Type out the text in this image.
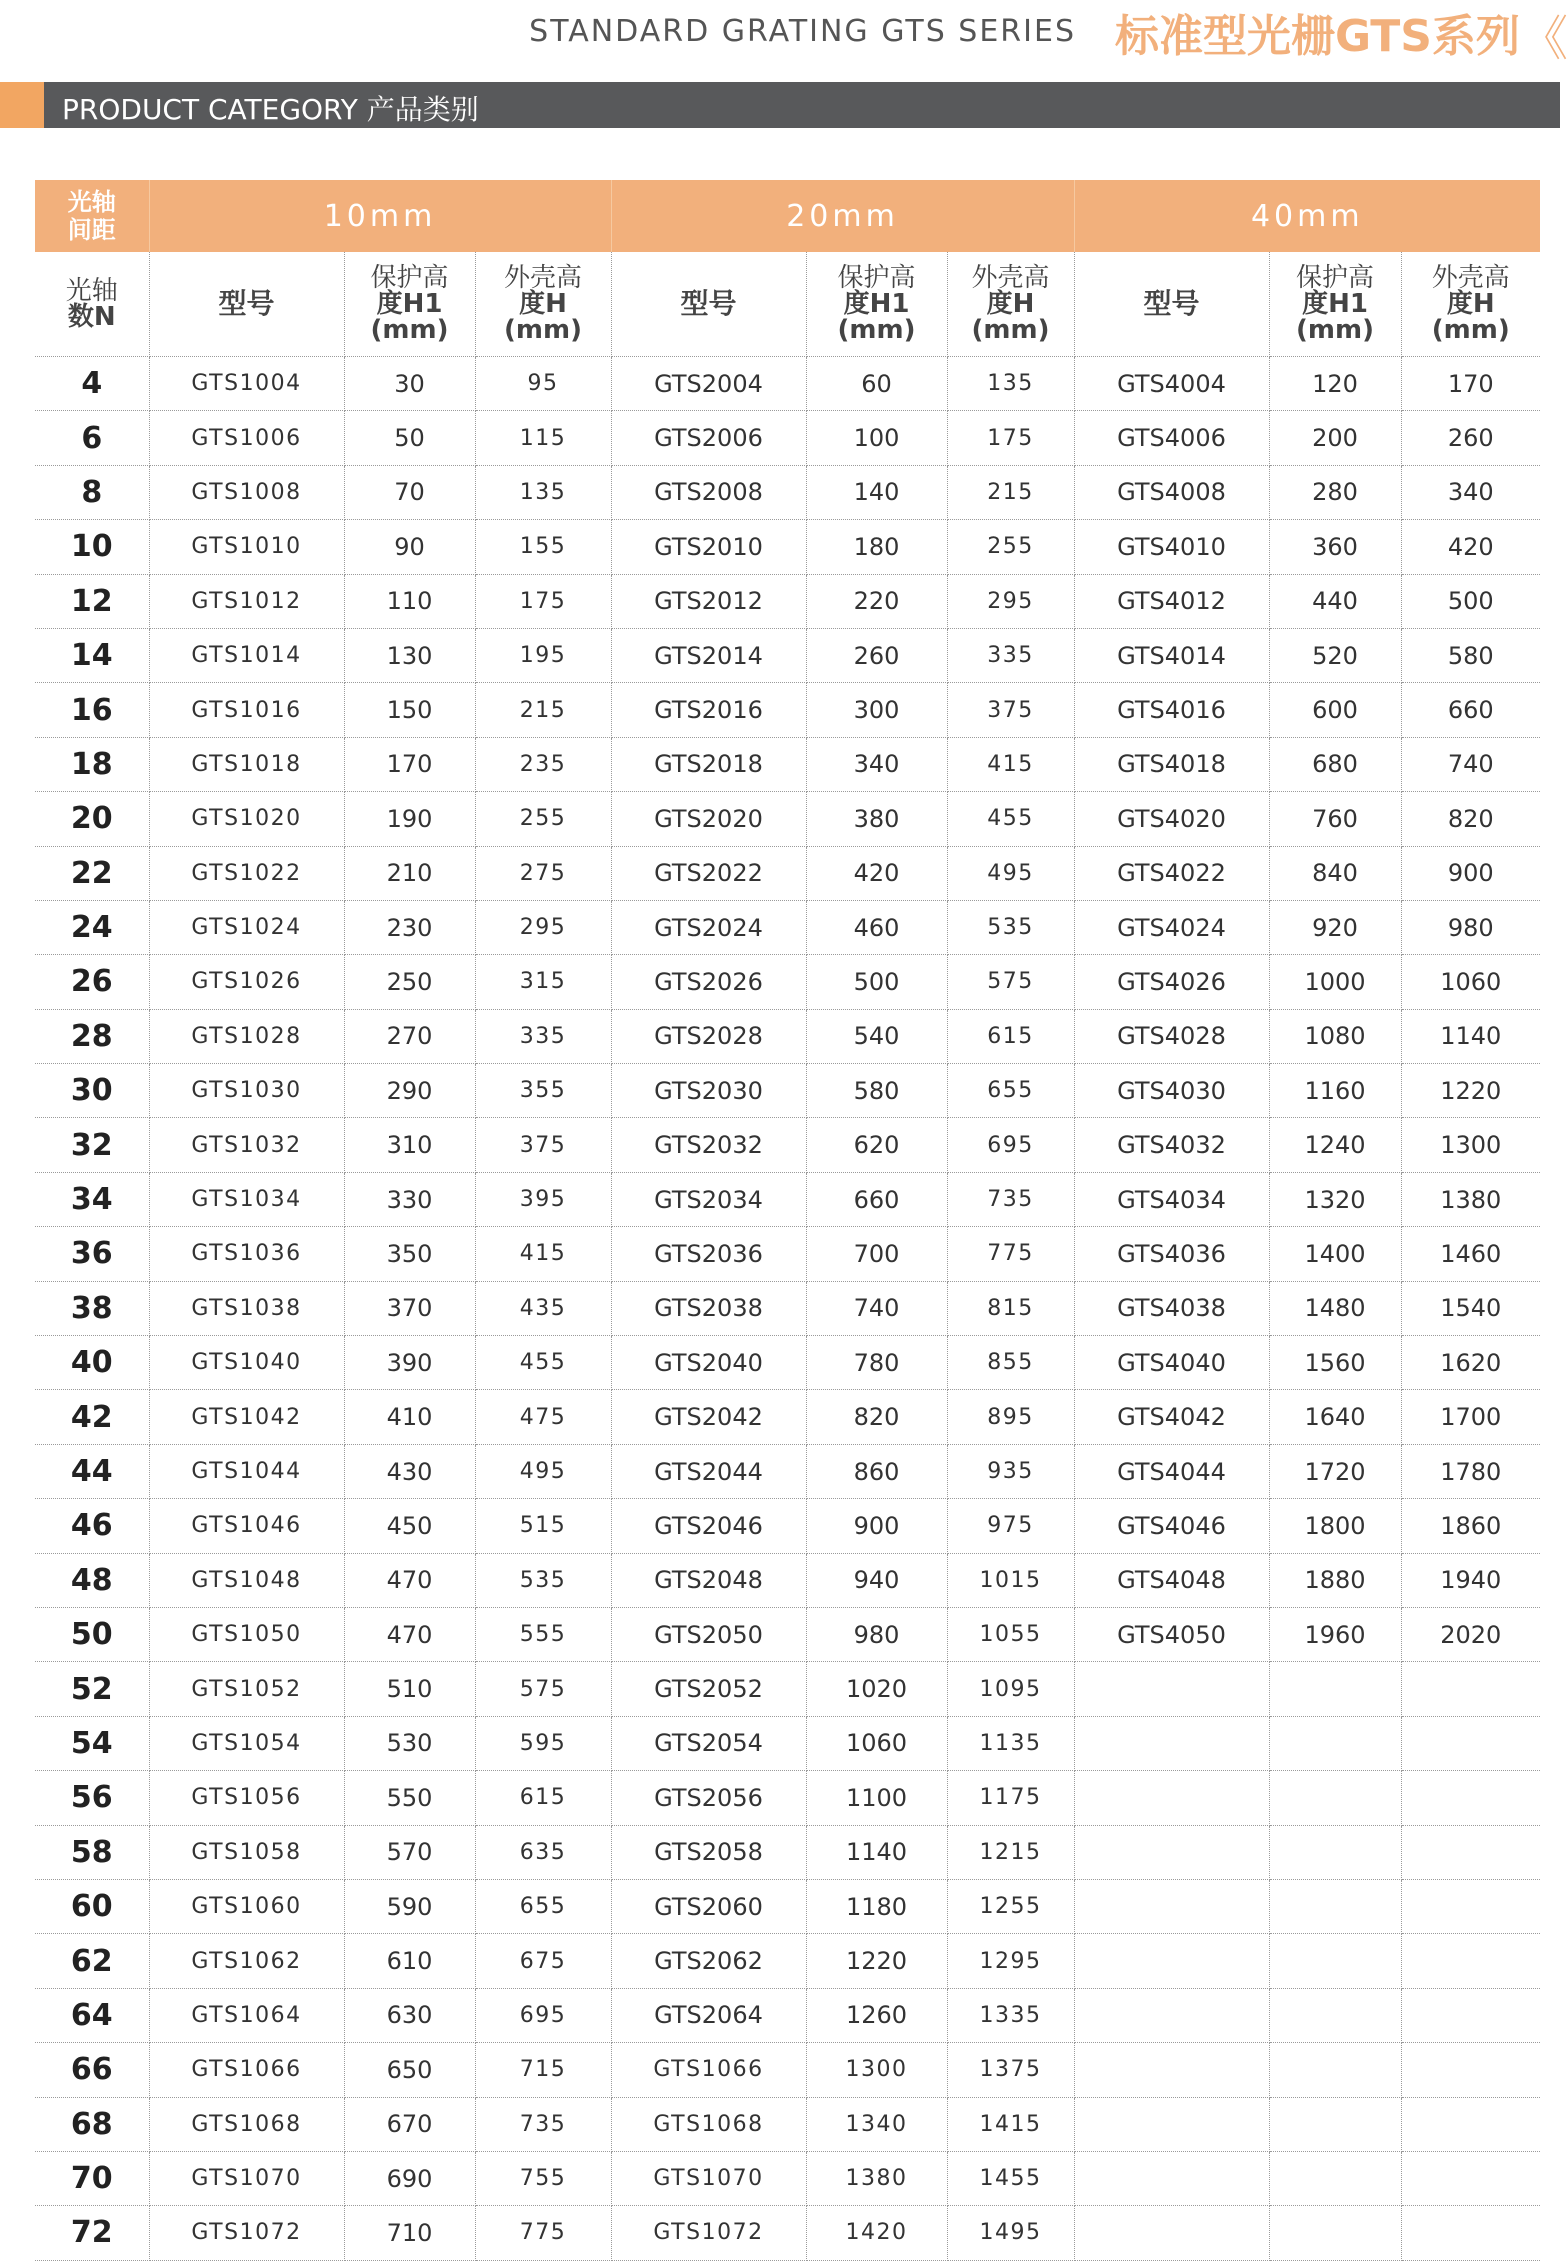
STANDARD GRATING GTS SERIES 标准型光栅GTS系列 《
PRODUCT CATEGORY 产品类别
光轴
间距	10mm			20mm			40mm		
光轴
数N	型号	保护高
度H1
(mm)	外壳高
度H
(mm)	型号	保护高
度H1
(mm)	外壳高
度H
(mm)	型号	保护高
度H1
(mm)	外壳高
度H
(mm)
4	GTS1004	30	95	GTS2004	60	135	GTS4004	120	170
6	GTS1006	50	115	GTS2006	100	175	GTS4006	200	260
8	GTS1008	70	135	GTS2008	140	215	GTS4008	280	340
10	GTS1010	90	155	GTS2010	180	255	GTS4010	360	420
12	GTS1012	110	175	GTS2012	220	295	GTS4012	440	500
14	GTS1014	130	195	GTS2014	260	335	GTS4014	520	580
16	GTS1016	150	215	GTS2016	300	375	GTS4016	600	660
18	GTS1018	170	235	GTS2018	340	415	GTS4018	680	740
20	GTS1020	190	255	GTS2020	380	455	GTS4020	760	820
22	GTS1022	210	275	GTS2022	420	495	GTS4022	840	900
24	GTS1024	230	295	GTS2024	460	535	GTS4024	920	980
26	GTS1026	250	315	GTS2026	500	575	GTS4026	1000	1060
28	GTS1028	270	335	GTS2028	540	615	GTS4028	1080	1140
30	GTS1030	290	355	GTS2030	580	655	GTS4030	1160	1220
32	GTS1032	310	375	GTS2032	620	695	GTS4032	1240	1300
34	GTS1034	330	395	GTS2034	660	735	GTS4034	1320	1380
36	GTS1036	350	415	GTS2036	700	775	GTS4036	1400	1460
38	GTS1038	370	435	GTS2038	740	815	GTS4038	1480	1540
40	GTS1040	390	455	GTS2040	780	855	GTS4040	1560	1620
42	GTS1042	410	475	GTS2042	820	895	GTS4042	1640	1700
44	GTS1044	430	495	GTS2044	860	935	GTS4044	1720	1780
46	GTS1046	450	515	GTS2046	900	975	GTS4046	1800	1860
48	GTS1048	470	535	GTS2048	940	1015	GTS4048	1880	1940
50	GTS1050	470	555	GTS2050	980	1055	GTS4050	1960	2020
52	GTS1052	510	575	GTS2052	1020	1095			
54	GTS1054	530	595	GTS2054	1060	1135			
56	GTS1056	550	615	GTS2056	1100	1175			
58	GTS1058	570	635	GTS2058	1140	1215			
60	GTS1060	590	655	GTS2060	1180	1255			
62	GTS1062	610	675	GTS2062	1220	1295			
64	GTS1064	630	695	GTS2064	1260	1335			
66	GTS1066	650	715	GTS1066	1300	1375			
68	GTS1068	670	735	GTS1068	1340	1415			
70	GTS1070	690	755	GTS1070	1380	1455			
72	GTS1072	710	775	GTS1072	1420	1495			
